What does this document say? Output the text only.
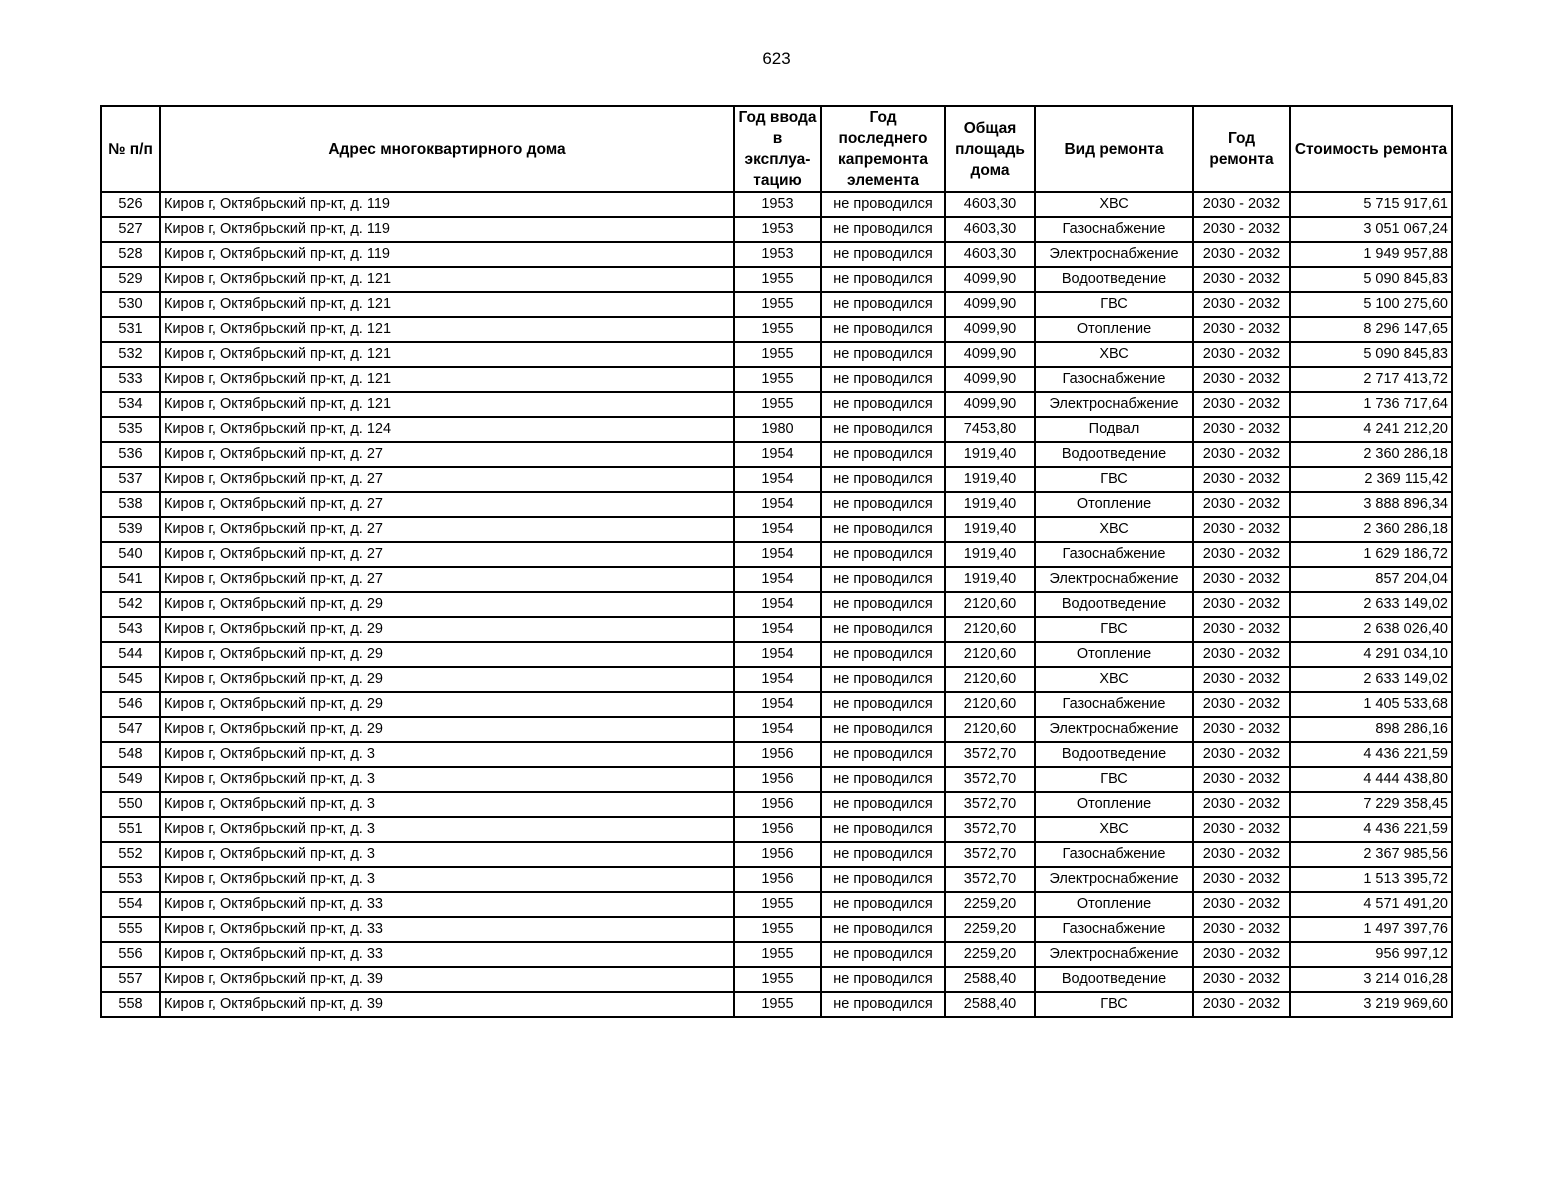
623
№ п/п	Адрес многоквартирного дома	Год ввода в эксплуа-тацию	Год последнего капремонта элемента	Общая площадь дома	Вид ремонта	Год ремонта	Стоимость ремонта
526	Киров г, Октябрьский пр-кт, д. 119	1953	не проводился	4603,30	ХВС	2030 - 2032	5 715 917,61
527	Киров г, Октябрьский пр-кт, д. 119	1953	не проводился	4603,30	Газоснабжение	2030 - 2032	3 051 067,24
528	Киров г, Октябрьский пр-кт, д. 119	1953	не проводился	4603,30	Электроснабжение	2030 - 2032	1 949 957,88
529	Киров г, Октябрьский пр-кт, д. 121	1955	не проводился	4099,90	Водоотведение	2030 - 2032	5 090 845,83
530	Киров г, Октябрьский пр-кт, д. 121	1955	не проводился	4099,90	ГВС	2030 - 2032	5 100 275,60
531	Киров г, Октябрьский пр-кт, д. 121	1955	не проводился	4099,90	Отопление	2030 - 2032	8 296 147,65
532	Киров г, Октябрьский пр-кт, д. 121	1955	не проводился	4099,90	ХВС	2030 - 2032	5 090 845,83
533	Киров г, Октябрьский пр-кт, д. 121	1955	не проводился	4099,90	Газоснабжение	2030 - 2032	2 717 413,72
534	Киров г, Октябрьский пр-кт, д. 121	1955	не проводился	4099,90	Электроснабжение	2030 - 2032	1 736 717,64
535	Киров г, Октябрьский пр-кт, д. 124	1980	не проводился	7453,80	Подвал	2030 - 2032	4 241 212,20
536	Киров г, Октябрьский пр-кт, д. 27	1954	не проводился	1919,40	Водоотведение	2030 - 2032	2 360 286,18
537	Киров г, Октябрьский пр-кт, д. 27	1954	не проводился	1919,40	ГВС	2030 - 2032	2 369 115,42
538	Киров г, Октябрьский пр-кт, д. 27	1954	не проводился	1919,40	Отопление	2030 - 2032	3 888 896,34
539	Киров г, Октябрьский пр-кт, д. 27	1954	не проводился	1919,40	ХВС	2030 - 2032	2 360 286,18
540	Киров г, Октябрьский пр-кт, д. 27	1954	не проводился	1919,40	Газоснабжение	2030 - 2032	1 629 186,72
541	Киров г, Октябрьский пр-кт, д. 27	1954	не проводился	1919,40	Электроснабжение	2030 - 2032	857 204,04
542	Киров г, Октябрьский пр-кт, д. 29	1954	не проводился	2120,60	Водоотведение	2030 - 2032	2 633 149,02
543	Киров г, Октябрьский пр-кт, д. 29	1954	не проводился	2120,60	ГВС	2030 - 2032	2 638 026,40
544	Киров г, Октябрьский пр-кт, д. 29	1954	не проводился	2120,60	Отопление	2030 - 2032	4 291 034,10
545	Киров г, Октябрьский пр-кт, д. 29	1954	не проводился	2120,60	ХВС	2030 - 2032	2 633 149,02
546	Киров г, Октябрьский пр-кт, д. 29	1954	не проводился	2120,60	Газоснабжение	2030 - 2032	1 405 533,68
547	Киров г, Октябрьский пр-кт, д. 29	1954	не проводился	2120,60	Электроснабжение	2030 - 2032	898 286,16
548	Киров г, Октябрьский пр-кт, д. 3	1956	не проводился	3572,70	Водоотведение	2030 - 2032	4 436 221,59
549	Киров г, Октябрьский пр-кт, д. 3	1956	не проводился	3572,70	ГВС	2030 - 2032	4 444 438,80
550	Киров г, Октябрьский пр-кт, д. 3	1956	не проводился	3572,70	Отопление	2030 - 2032	7 229 358,45
551	Киров г, Октябрьский пр-кт, д. 3	1956	не проводился	3572,70	ХВС	2030 - 2032	4 436 221,59
552	Киров г, Октябрьский пр-кт, д. 3	1956	не проводился	3572,70	Газоснабжение	2030 - 2032	2 367 985,56
553	Киров г, Октябрьский пр-кт, д. 3	1956	не проводился	3572,70	Электроснабжение	2030 - 2032	1 513 395,72
554	Киров г, Октябрьский пр-кт, д. 33	1955	не проводился	2259,20	Отопление	2030 - 2032	4 571 491,20
555	Киров г, Октябрьский пр-кт, д. 33	1955	не проводился	2259,20	Газоснабжение	2030 - 2032	1 497 397,76
556	Киров г, Октябрьский пр-кт, д. 33	1955	не проводился	2259,20	Электроснабжение	2030 - 2032	956 997,12
557	Киров г, Октябрьский пр-кт, д. 39	1955	не проводился	2588,40	Водоотведение	2030 - 2032	3 214 016,28
558	Киров г, Октябрьский пр-кт, д. 39	1955	не проводился	2588,40	ГВС	2030 - 2032	3 219 969,60
